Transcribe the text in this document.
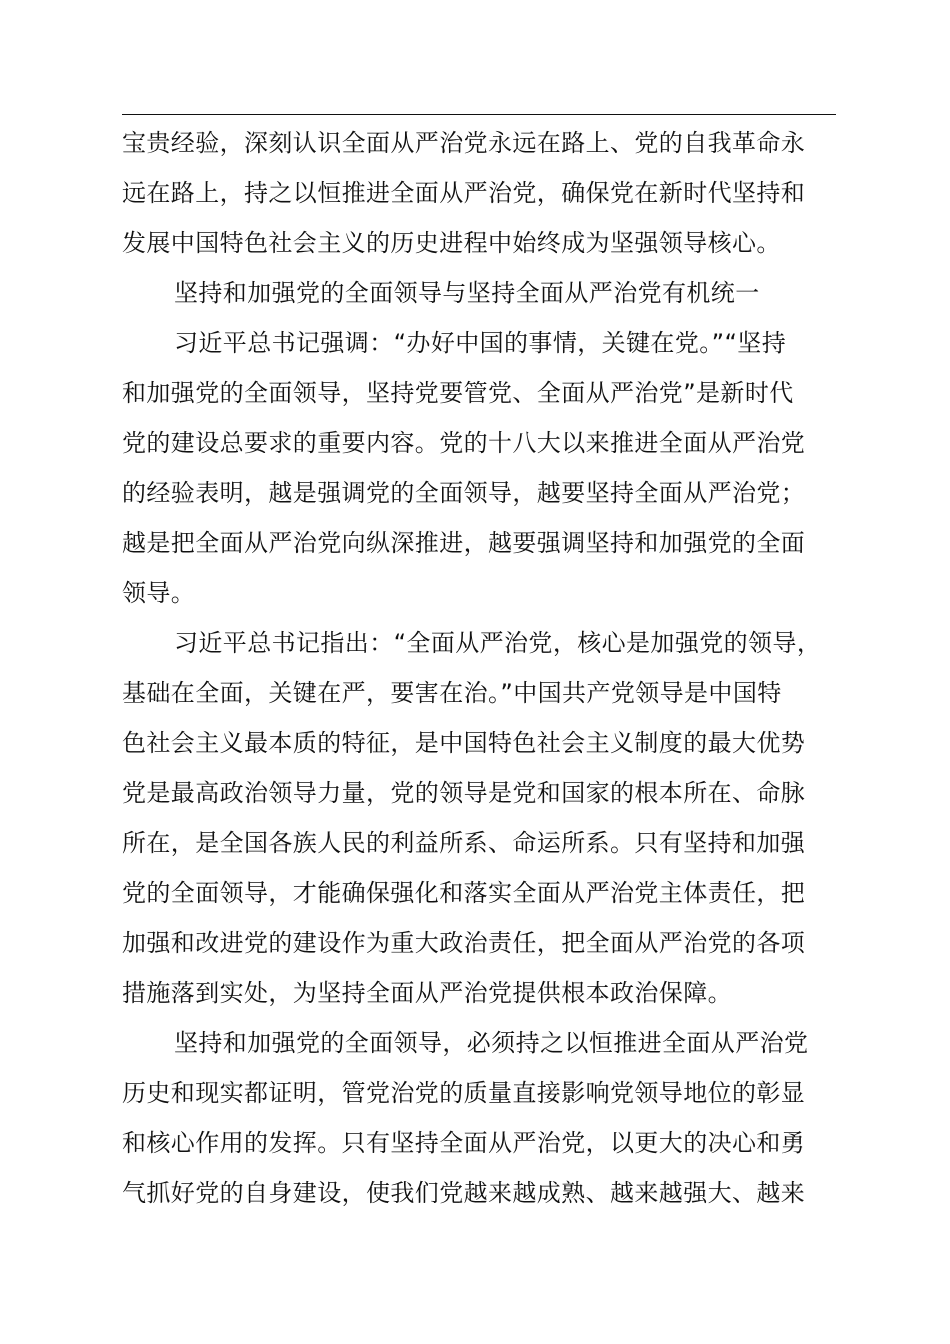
宝贵经验，深刻认识全面从严治党永远在路上、党的自我革命永
远在路上，持之以恒推进全面从严治党，确保党在新时代坚持和
发展中国特色社会主义的历史进程中始终成为坚强领导核心。
坚持和加强党的全面领导与坚持全面从严治党有机统一
习近平总书记强调：“办好中国的事情，关键在党。”“坚持
和加强党的全面领导，坚持党要管党、全面从严治党”是新时代
党的建设总要求的重要内容。党的十八大以来推进全面从严治党
的经验表明，越是强调党的全面领导，越要坚持全面从严治党；
越是把全面从严治党向纵深推进，越要强调坚持和加强党的全面
领导。
习近平总书记指出：“全面从严治党，核心是加强党的领导，
基础在全面，关键在严，要害在治。”中国共产党领导是中国特
色社会主义最本质的特征，是中国特色社会主义制度的最大优势
党是最高政治领导力量，党的领导是党和国家的根本所在、命脉
所在，是全国各族人民的利益所系、命运所系。只有坚持和加强
党的全面领导，才能确保强化和落实全面从严治党主体责任，把
加强和改进党的建设作为重大政治责任，把全面从严治党的各项
措施落到实处，为坚持全面从严治党提供根本政治保障。
坚持和加强党的全面领导，必须持之以恒推进全面从严治党
历史和现实都证明，管党治党的质量直接影响党领导地位的彰显
和核心作用的发挥。只有坚持全面从严治党，以更大的决心和勇
气抓好党的自身建设，使我们党越来越成熟、越来越强大、越来
